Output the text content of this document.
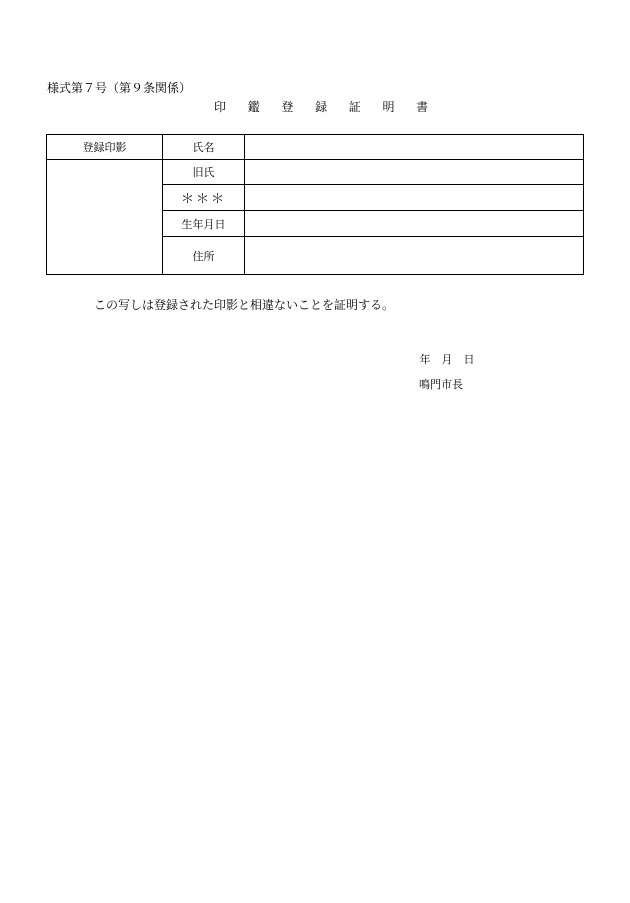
様式第７号（第９条関係）
印 鑑 登 録 証 明 書
登録印影	氏名	
	旧氏	
	＊＊＊	
	生年月日	
	住所	
この写しは登録された印影と相違ないことを証明する。
年 月 日
鳴門市長
